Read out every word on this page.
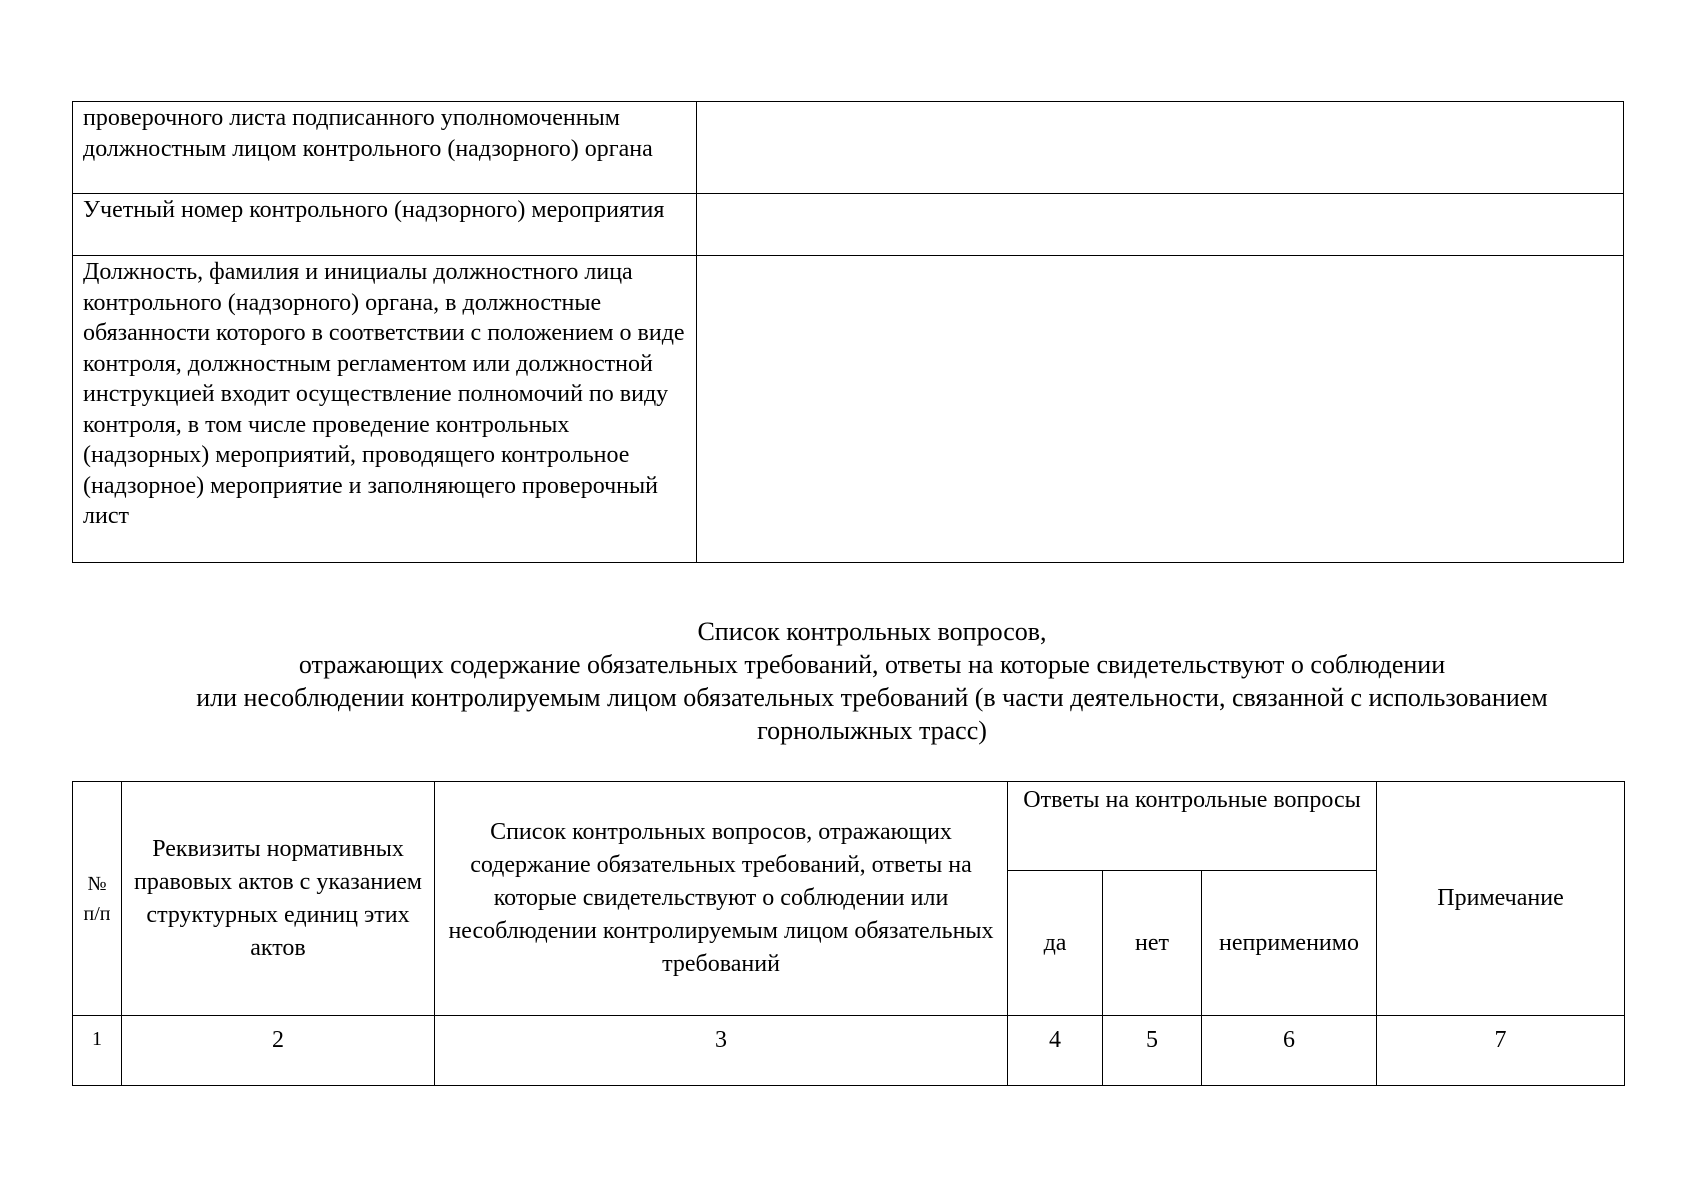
проверочного листа подписанного уполномоченным должностным лицом контрольного (надзорного) органа	
Учетный номер контрольного (надзорного) мероприятия	
Должность, фамилия и инициалы должностного лица контрольного (надзорного) органа, в должностные обязанности которого в соответствии с положением о виде контроля, должностным регламентом или должностной инструкцией входит осуществление полномочий по виду контроля, в том числе проведение контрольных (надзорных) мероприятий, проводящего контрольное (надзорное) мероприятие и заполняющего проверочный лист	
Список контрольных вопросов,
отражающих содержание обязательных требований, ответы на которые свидетельствуют о соблюдении
или несоблюдении контролируемым лицом обязательных требований (в части деятельности, связанной с использованием
горнолыжных трасс)
№ п/п	Реквизиты нормативных правовых актов с указанием структурных единиц этих актов	Список контрольных вопросов, отражающих содержание обязательных требований, ответы на которые свидетельствуют о соблюдении или несоблюдении контролируемым лицом обязательных требований	Ответы на контрольные вопросы			Примечание
			да	нет	неприменимо	
1	2	3	4	5	6	7
